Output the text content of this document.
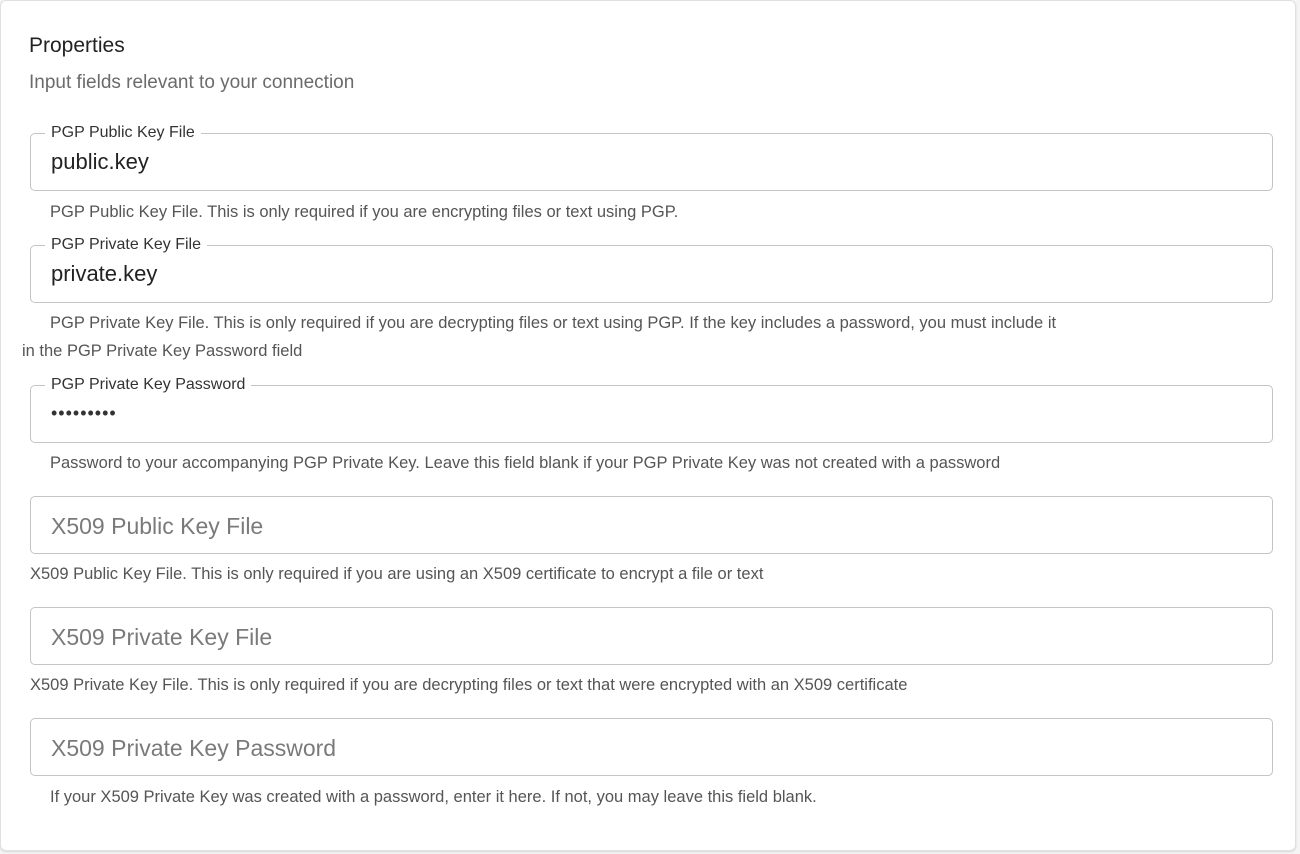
Properties
Input fields relevant to your connection
PGP Public Key File
public.key
PGP Public Key File. This is only required if you are encrypting files or text using PGP.
PGP Private Key File
private.key
PGP Private Key File. This is only required if you are decrypting files or text using PGP. If the key includes a password, you must include it
in the PGP Private Key Password field
PGP Private Key Password
•••••••••
Password to your accompanying PGP Private Key. Leave this field blank if your PGP Private Key was not created with a password
X509 Public Key File
X509 Public Key File. This is only required if you are using an X509 certificate to encrypt a file or text
X509 Private Key File
X509 Private Key File. This is only required if you are decrypting files or text that were encrypted with an X509 certificate
X509 Private Key Password
If your X509 Private Key was created with a password, enter it here. If not, you may leave this field blank.
